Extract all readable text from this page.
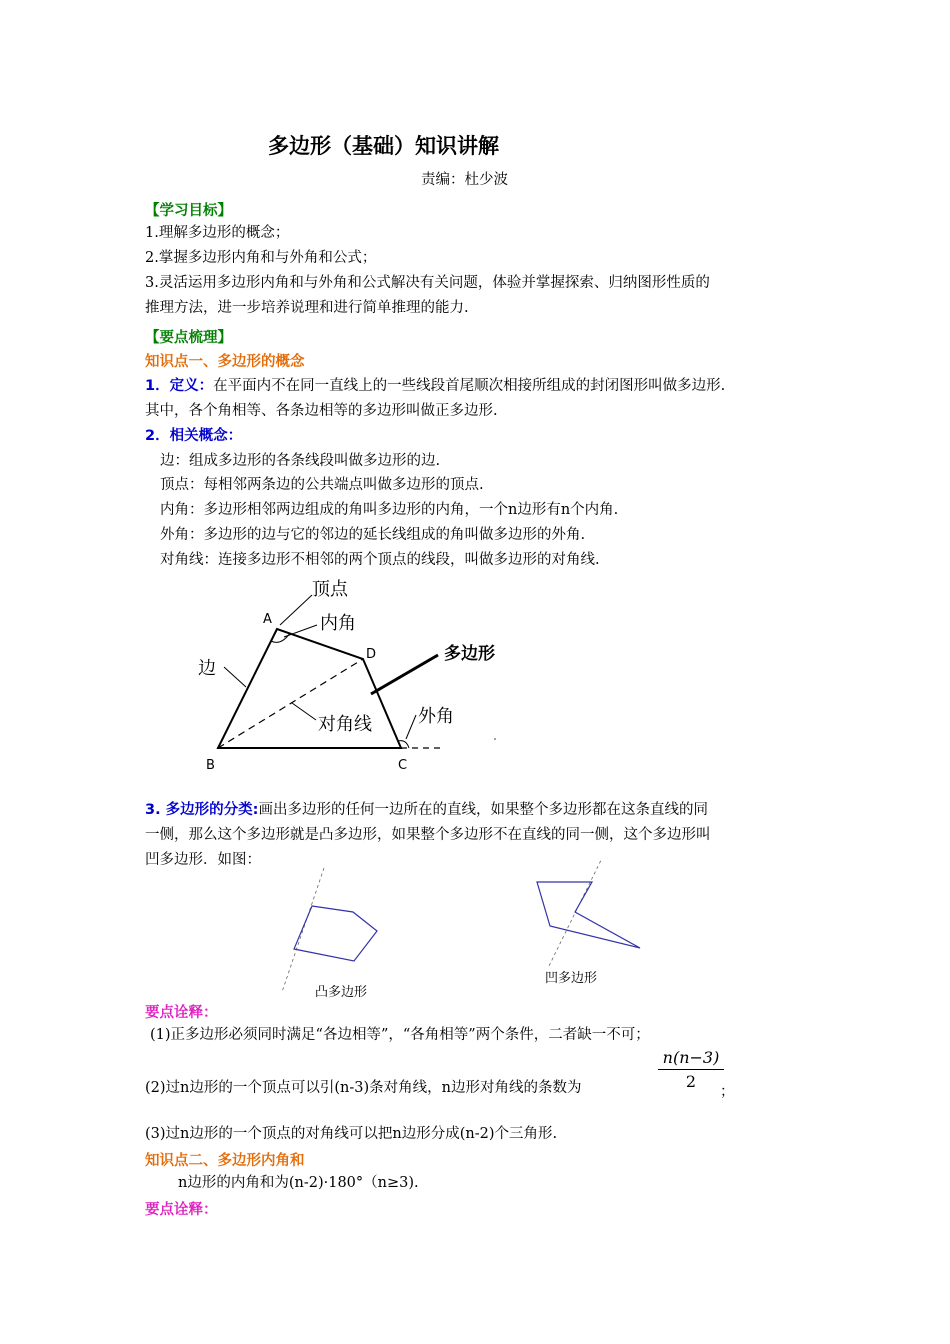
多边形（基础）知识讲解
责编：杜少波
【学习目标】
1.理解多边形的概念；
2.掌握多边形内角和与外角和公式；
3.灵活运用多边形内角和与外角和公式解决有关问题，体验并掌握探索、归纳图形性质的
推理方法，进一步培养说理和进行简单推理的能力.
【要点梳理】
知识点一、多边形的概念
1．定义：在平面内不在同一直线上的一些线段首尾顺次相接所组成的封闭图形叫做多边形.
其中，各个角相等、各条边相等的多边形叫做正多边形.
2．相关概念：
边：组成多边形的各条线段叫做多边形的边.
顶点：每相邻两条边的公共端点叫做多边形的顶点.
内角：多边形相邻两边组成的角叫多边形的内角，一个n边形有n个内角.
外角：多边形的边与它的邻边的延长线组成的角叫做多边形的外角.
对角线：连接多边形不相邻的两个顶点的线段，叫做多边形的对角线.
顶点
内角
多边形
边
对角线	外角
A
D
B	C
3. 多边形的分类:画出多边形的任何一边所在的直线，如果整个多边形都在这条直线的同
一侧，那么这个多边形就是凸多边形，如果整个多边形不在直线的同一侧，这个多边形叫
凹多边形．如图：
凸多边形
凹多边形
要点诠释：
(1)正多边形必须同时满足“各边相等”，“各角相等”两个条件，二者缺一不可；
(2)过n边形的一个顶点可以引(n-3)条对角线，n边形对角线的条数为	$\frac{n(n-3)}{2}$
；
(3)过n边形的一个顶点的对角线可以把n边形分成(n-2)个三角形.
知识点二、多边形内角和
n边形的内角和为(n-2)·180°（n≥3).
要点诠释：
